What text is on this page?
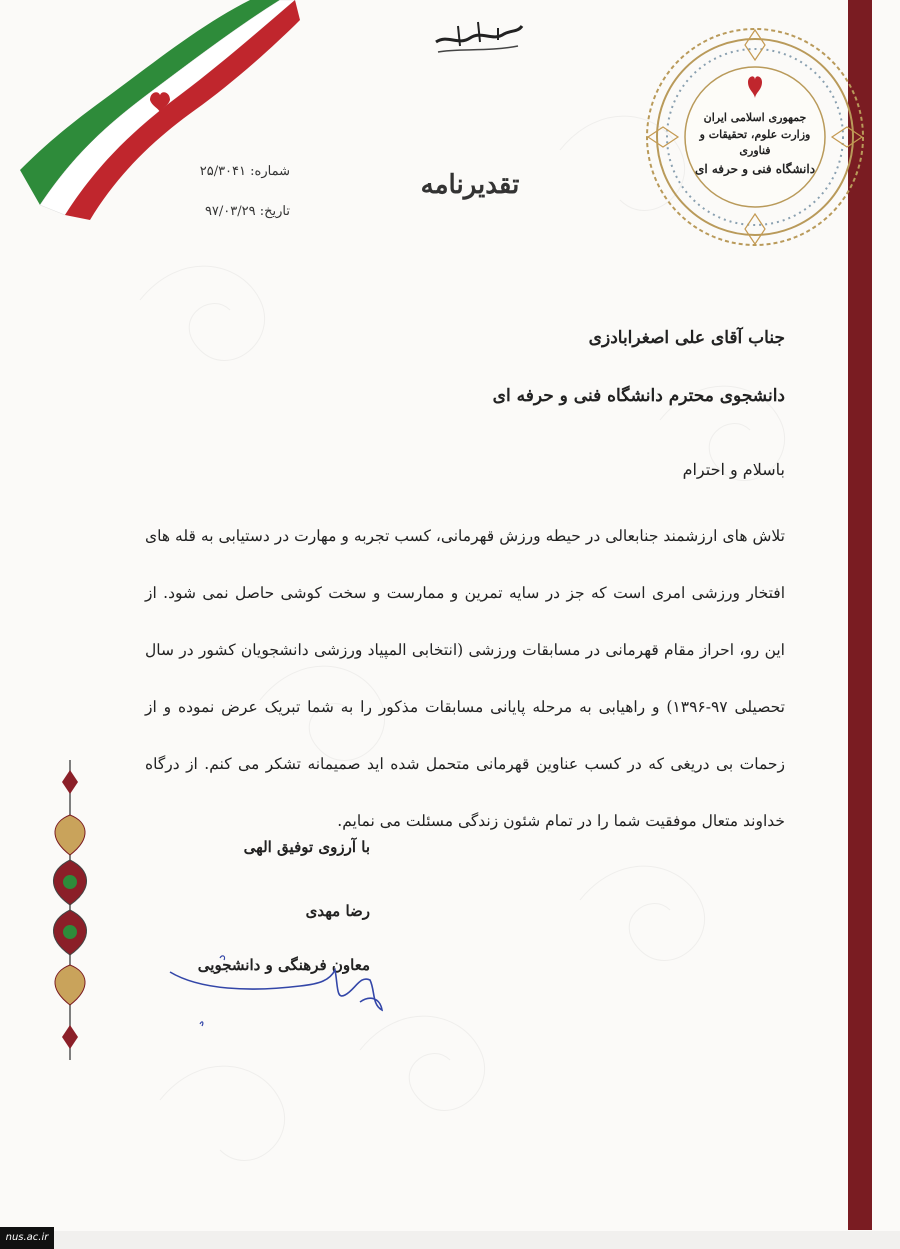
جمهوری اسلامی ایران
وزارت علوم، تحقیقات و فناوری
دانشگاه فنی و حرفه ای
تقدیرنامه
شماره: ۲۵/۳۰۴۱
تاریخ: ۹۷/۰۳/۲۹
جناب آقای علی اصغرابادزی
دانشجوی محترم دانشگاه فنی و حرفه ای
باسلام و احترام
تلاش های ارزشمند جنابعالی در حیطه ورزش قهرمانی، کسب تجربه و مهارت در دستیابی به قله های افتخار ورزشی امری است که جز در سایه تمرین و ممارست و سخت کوشی حاصل نمی شود. از این رو، احراز مقام قهرمانی در مسابقات ورزشی (انتخابی المپیاد ورزشی دانشجویان کشور در سال تحصیلی ۹۷-۱۳۹۶) و راهیابی به مرحله پایانی مسابقات مذکور را به شما تبریک عرض نموده و از زحمات بی دریغی که در کسب عناوین قهرمانی متحمل شده اید صمیمانه تشکر می کنم. از درگاه خداوند متعال موفقیت شما را در تمام شئون زندگی مسئلت می نمایم.
با آرزوی توفیق الهی
رضا مهدی
معاون فرهنگی و دانشجویی
nus.ac.ir
